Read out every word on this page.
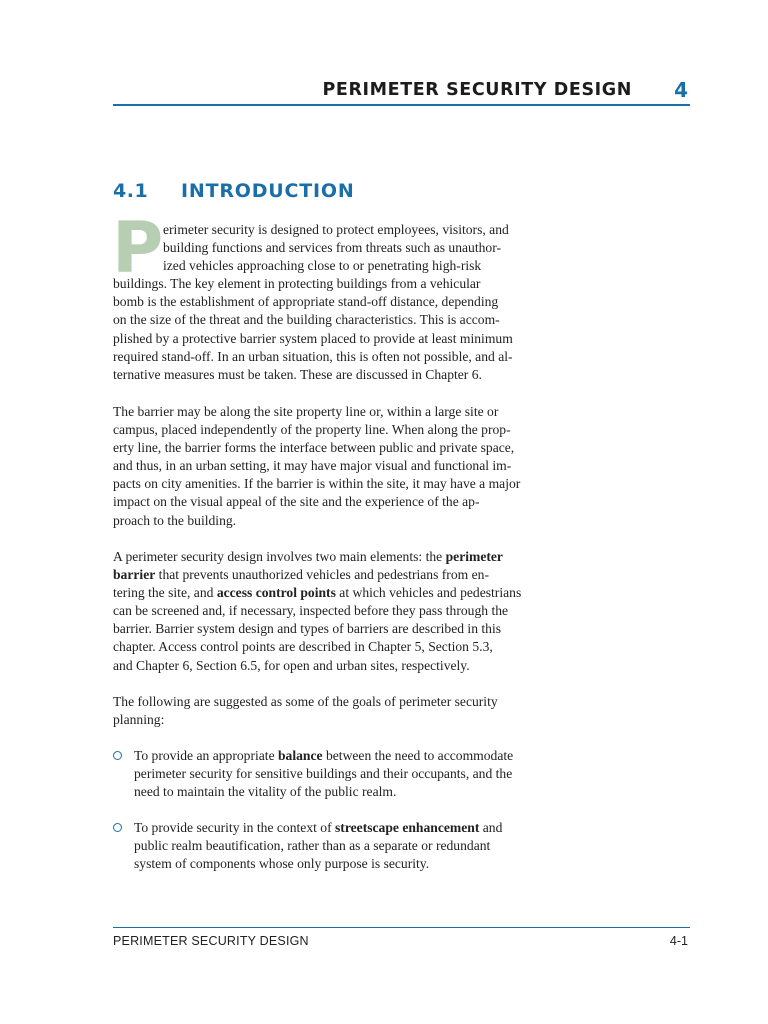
PERIMETER SECURITY DESIGN 4
4.1 INTRODUCTION
P erimeter security is designed to protect employees, visitors, and
building functions and services from threats such as unauthor-
ized vehicles approaching close to or penetrating high-risk
buildings. The key element in protecting buildings from a vehicular
bomb is the establishment of appropriate stand-off distance, depending
on the size of the threat and the building characteristics. This is accom-
plished by a protective barrier system placed to provide at least minimum
required stand-off. In an urban situation, this is often not possible, and al-
ternative measures must be taken. These are discussed in Chapter 6.
The barrier may be along the site property line or, within a large site or
campus, placed independently of the property line. When along the prop-
erty line, the barrier forms the interface between public and private space,
and thus, in an urban setting, it may have major visual and functional im-
pacts on city amenities. If the barrier is within the site, it may have a major
impact on the visual appeal of the site and the experience of the ap-
proach to the building.
A perimeter security design involves two main elements: the perimeter
barrier that prevents unauthorized vehicles and pedestrians from en-
tering the site, and access control points at which vehicles and pedestrians
can be screened and, if necessary, inspected before they pass through the
barrier. Barrier system design and types of barriers are described in this
chapter. Access control points are described in Chapter 5, Section 5.3,
and Chapter 6, Section 6.5, for open and urban sites, respectively.
The following are suggested as some of the goals of perimeter security
planning:
To provide an appropriate balance between the need to accommodate
perimeter security for sensitive buildings and their occupants, and the
need to maintain the vitality of the public realm.
To provide security in the context of streetscape enhancement and
public realm beautification, rather than as a separate or redundant
system of components whose only purpose is security.
PERIMETER SECURITY DESIGN	4-1
